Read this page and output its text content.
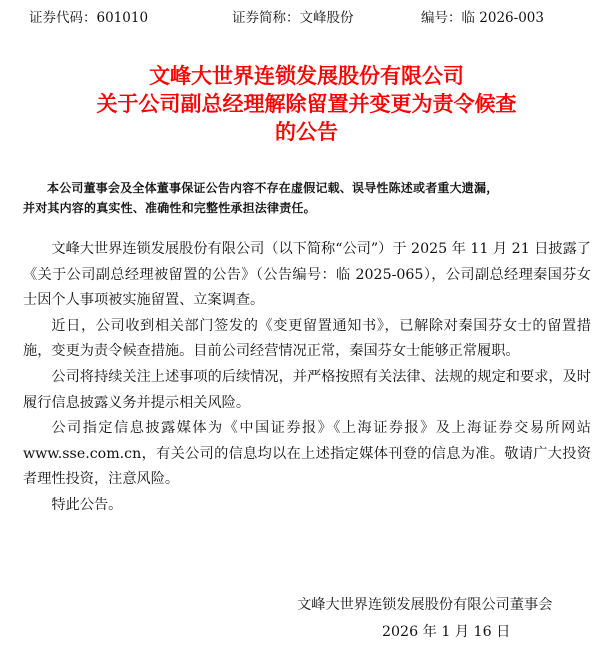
证券代码：601010	证券简称：文峰股份	编号：临 2026-003
文峰大世界连锁发展股份有限公司
关于公司副总经理解除留置并变更为责令候查
的公告
本公司董事会及全体董事保证公告内容不存在虚假记载、误导性陈述或者重大遗漏，
并对其内容的真实性、准确性和完整性承担法律责任。

文峰大世界连锁发展股份有限公司（以下简称“公司”）于 2025 年 11 月 21 日披露了《关于公司副总经理被留置的公告》（公告编号：临 2025-065），公司副总经理秦国芬女士因个人事项被实施留置、立案调查。

近日，公司收到相关部门签发的《变更留置通知书》，已解除对秦国芬女士的留置措施，变更为责令候查措施。目前公司经营情况正常，秦国芬女士能够正常履职。

公司将持续关注上述事项的后续情况，并严格按照有关法律、法规的规定和要求，及时履行信息披露义务并提示相关风险。

公司指定信息披露媒体为《中国证券报》《上海证券报》及上海证券交易所网站 www.sse.com.cn，有关公司的信息均以在上述指定媒体刊登的信息为准。敬请广大投资者理性投资，注意风险。

特此公告。

文峰大世界连锁发展股份有限公司董事会
2026 年 1 月 16 日
